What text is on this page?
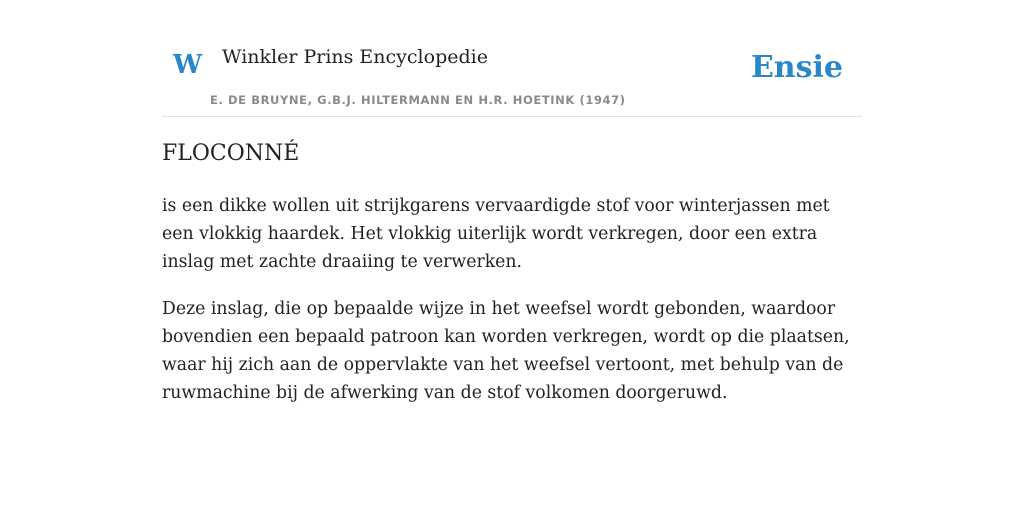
W Winkler Prins Encyclopedie
E. DE BRUYNE, G.B.J. HILTERMANN EN H.R. HOETINK (1947)
Ensie
FLOCONNÉ

is een dikke wollen uit strijkgarens vervaardigde stof voor winterjassen met een vlokkig haardek. Het vlokkig uiterlijk wordt verkregen, door een extra inslag met zachte draaiing te verwerken.

Deze inslag, die op bepaalde wijze in het weefsel wordt gebonden, waardoor bovendien een bepaald patroon kan worden verkregen, wordt op die plaatsen, waar hij zich aan de oppervlakte van het weefsel vertoont, met behulp van de ruwmachine bij de afwerking van de stof volkomen doorgeruwd.
